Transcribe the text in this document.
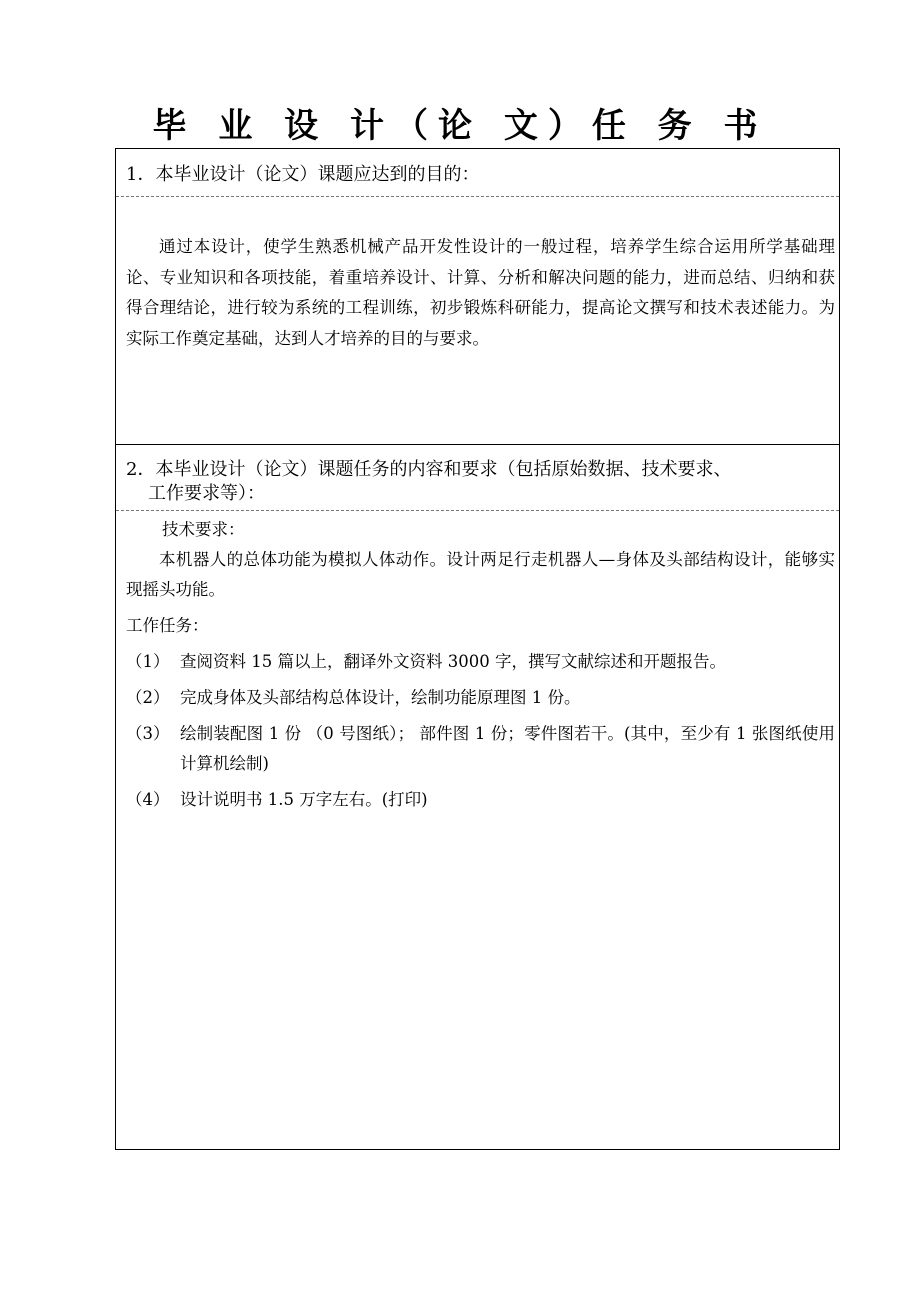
毕 业 设 计（论 文）任 务 书
1．本毕业设计（论文）课题应达到的目的：
通过本设计，使学生熟悉机械产品开发性设计的一般过程，培养学生综合运用所学基础理论、专业知识和各项技能，着重培养设计、计算、分析和解决问题的能力，进而总结、归纳和获得合理结论，进行较为系统的工程训练，初步锻炼科研能力，提高论文撰写和技术表述能力。为实际工作奠定基础，达到人才培养的目的与要求。
2．本毕业设计（论文）课题任务的内容和要求（包括原始数据、技术要求、
工作要求等）：
技术要求：
本机器人的总体功能为模拟人体动作。设计两足行走机器人—身体及头部结构设计，能够实现摇头功能。
工作任务：
（1） 查阅资料 15 篇以上，翻译外文资料 3000 字，撰写文献综述和开题报告。
（2） 完成身体及头部结构总体设计，绘制功能原理图 1 份。
（3） 绘制装配图 1 份 （0 号图纸）； 部件图 1 份；零件图若干。(其中，至少有 1 张图纸使用计算机绘制)
（4） 设计说明书 1.5 万字左右。(打印)
